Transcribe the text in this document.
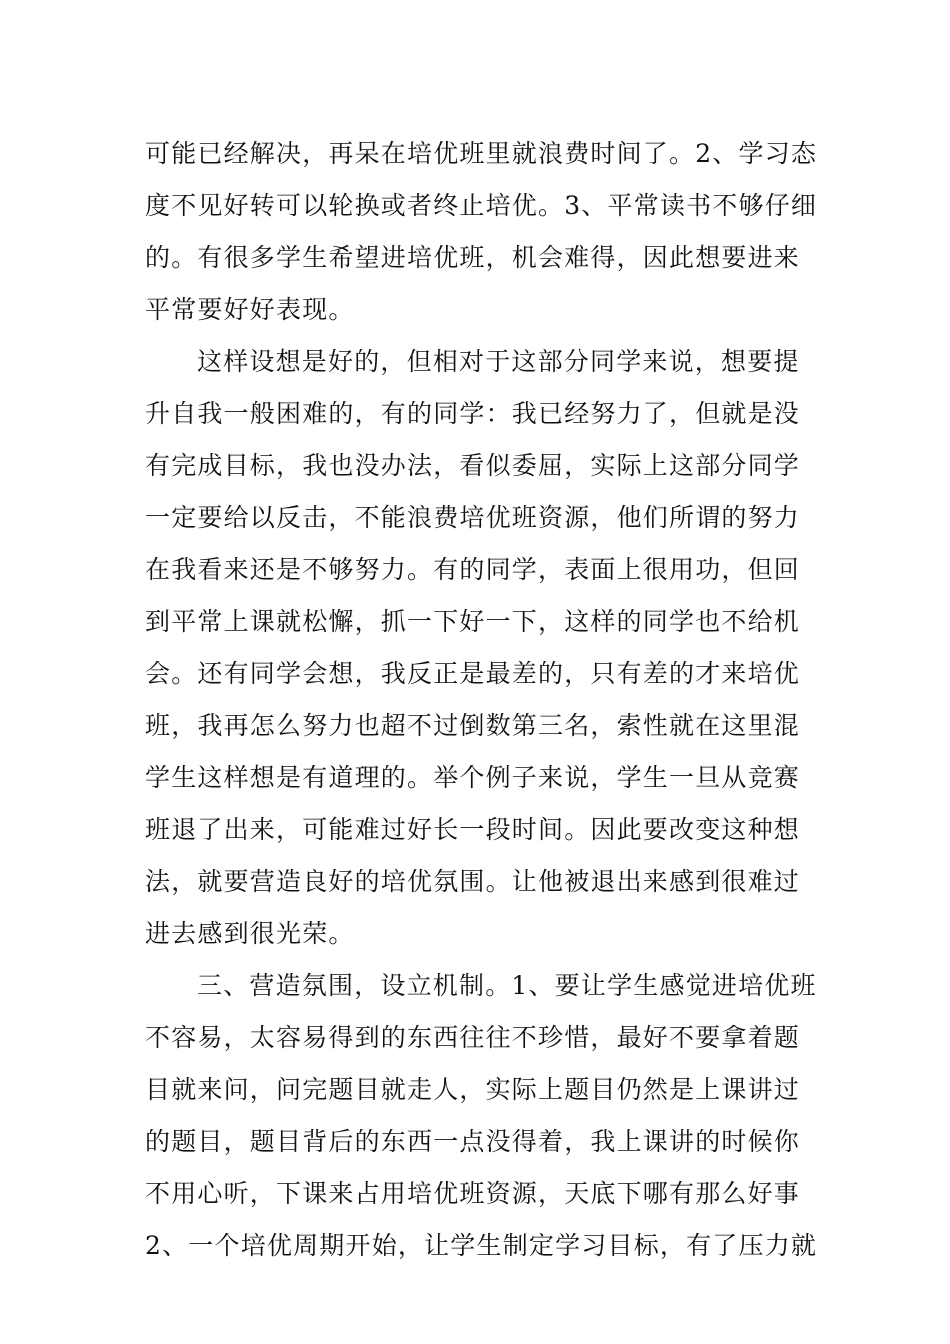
可能已经解决，再呆在培优班里就浪费时间了。2、学习态
度不见好转可以轮换或者终止培优。3、平常读书不够仔细
的。有很多学生希望进培优班，机会难得，因此想要进来
平常要好好表现。
这样设想是好的，但相对于这部分同学来说，想要提
升自我一般困难的，有的同学：我已经努力了，但就是没
有完成目标，我也没办法，看似委屈，实际上这部分同学
一定要给以反击，不能浪费培优班资源，他们所谓的努力
在我看来还是不够努力。有的同学，表面上很用功，但回
到平常上课就松懈，抓一下好一下，这样的同学也不给机
会。还有同学会想，我反正是最差的，只有差的才来培优
班，我再怎么努力也超不过倒数第三名，索性就在这里混
学生这样想是有道理的。举个例子来说，学生一旦从竞赛
班退了出来，可能难过好长一段时间。因此要改变这种想
法，就要营造良好的培优氛围。让他被退出来感到很难过
进去感到很光荣。
三、营造氛围，设立机制。1、要让学生感觉进培优班
不容易，太容易得到的东西往往不珍惜，最好不要拿着题
目就来问，问完题目就走人，实际上题目仍然是上课讲过
的题目，题目背后的东西一点没得着，我上课讲的时候你
不用心听，下课来占用培优班资源，天底下哪有那么好事
2、一个培优周期开始，让学生制定学习目标，有了压力就
